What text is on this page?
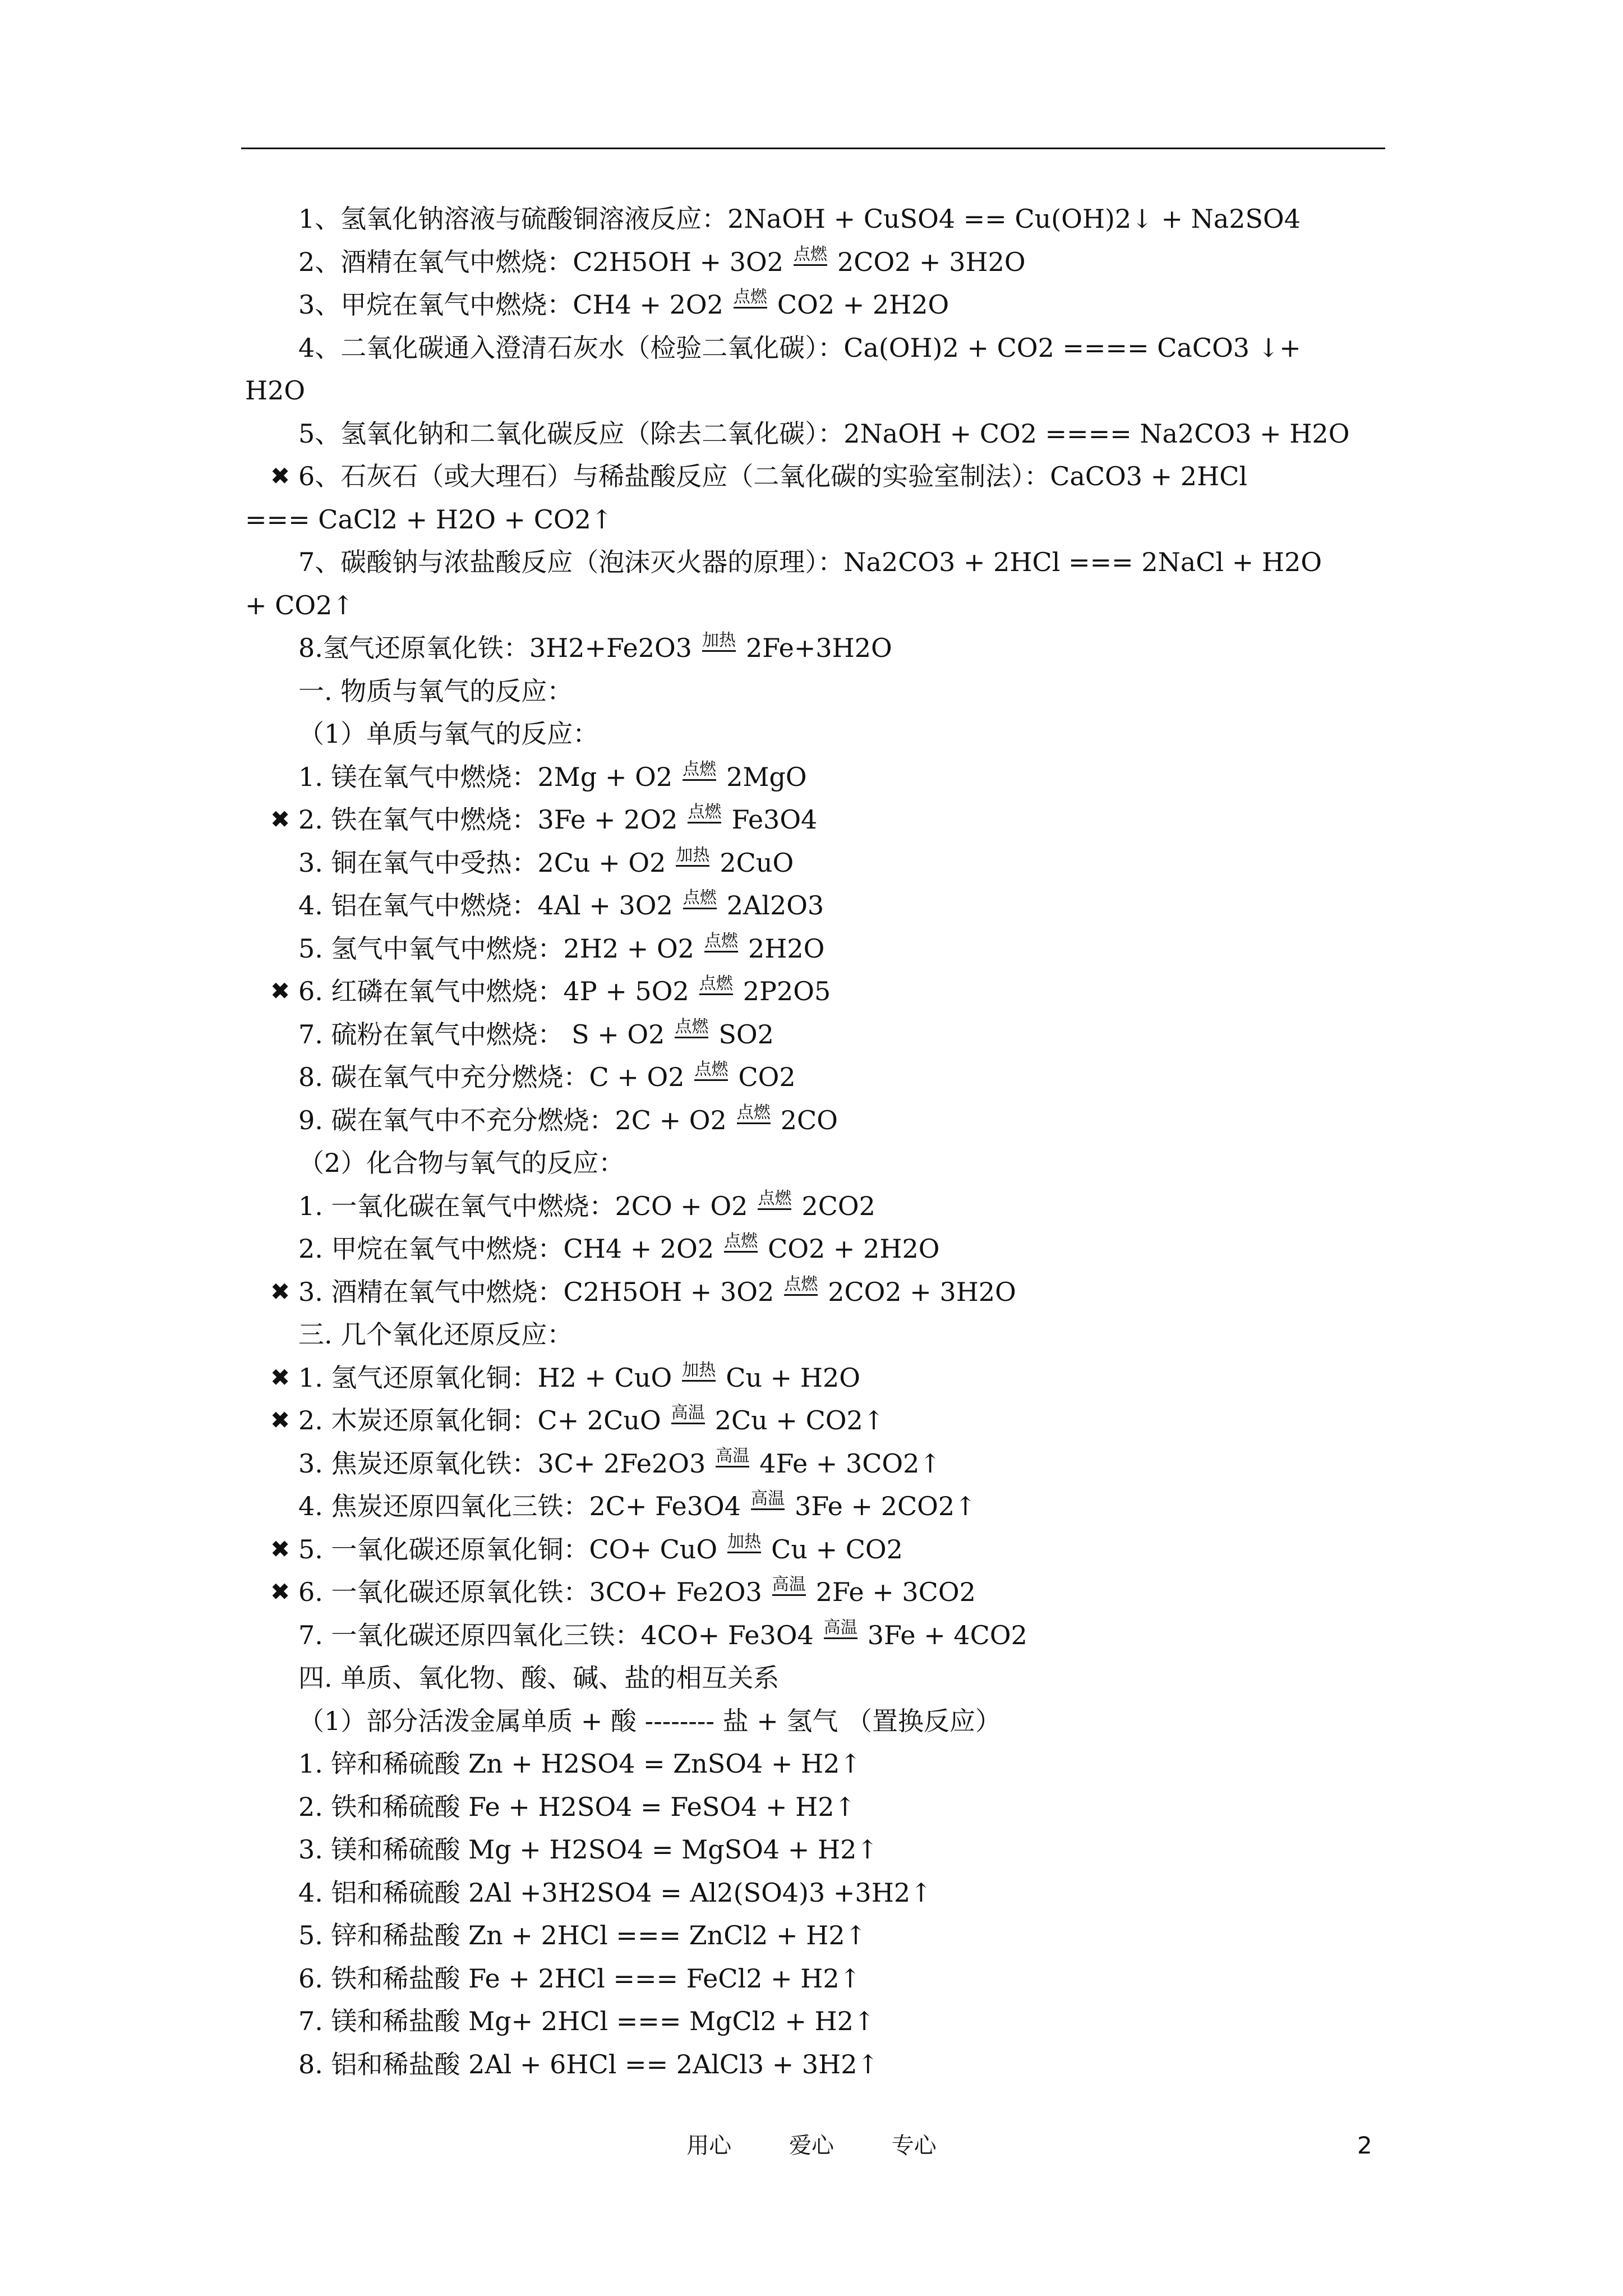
1、氢氧化钠溶液与硫酸铜溶液反应：2NaOH + CuSO4 == Cu(OH)2↓ + Na2SO4
2、酒精在氧气中燃烧：C2H5OH + 3O2 点燃 2CO2 + 3H2O
3、甲烷在氧气中燃烧：CH4 + 2O2 点燃 CO2 + 2H2O
4、二氧化碳通入澄清石灰水（检验二氧化碳）：Ca(OH)2 + CO2 ==== CaCO3 ↓+
H2O
5、氢氧化钠和二氧化碳反应（除去二氧化碳）：2NaOH + CO2 ==== Na2CO3 + H2O
✖ 6、石灰石（或大理石）与稀盐酸反应（二氧化碳的实验室制法）：CaCO3 + 2HCl
=== CaCl2 + H2O + CO2↑
7、碳酸钠与浓盐酸反应（泡沫灭火器的原理）：Na2CO3 + 2HCl === 2NaCl + H2O
+ CO2↑
8.氢气还原氧化铁：3H2+Fe2O3 加热 2Fe+3H2O
一. 物质与氧气的反应：
（1）单质与氧气的反应：
1. 镁在氧气中燃烧：2Mg + O2 点燃 2MgO
✖ 2. 铁在氧气中燃烧：3Fe + 2O2 点燃 Fe3O4
3. 铜在氧气中受热：2Cu + O2 加热 2CuO
4. 铝在氧气中燃烧：4Al + 3O2 点燃 2Al2O3
5. 氢气中氧气中燃烧：2H2 + O2 点燃 2H2O
✖ 6. 红磷在氧气中燃烧：4P + 5O2 点燃 2P2O5
7. 硫粉在氧气中燃烧： S + O2 点燃 SO2
8. 碳在氧气中充分燃烧：C + O2 点燃 CO2
9. 碳在氧气中不充分燃烧：2C + O2 点燃 2CO
（2）化合物与氧气的反应：
1. 一氧化碳在氧气中燃烧：2CO + O2 点燃 2CO2
2. 甲烷在氧气中燃烧：CH4 + 2O2 点燃 CO2 + 2H2O
✖ 3. 酒精在氧气中燃烧：C2H5OH + 3O2 点燃 2CO2 + 3H2O
三. 几个氧化还原反应：
✖ 1. 氢气还原氧化铜：H2 + CuO 加热 Cu + H2O
✖ 2. 木炭还原氧化铜：C+ 2CuO 高温 2Cu + CO2↑
3. 焦炭还原氧化铁：3C+ 2Fe2O3 高温 4Fe + 3CO2↑
4. 焦炭还原四氧化三铁：2C+ Fe3O4 高温 3Fe + 2CO2↑
✖ 5. 一氧化碳还原氧化铜：CO+ CuO 加热 Cu + CO2
✖ 6. 一氧化碳还原氧化铁：3CO+ Fe2O3 高温 2Fe + 3CO2
7. 一氧化碳还原四氧化三铁：4CO+ Fe3O4 高温 3Fe + 4CO2
四. 单质、氧化物、酸、碱、盐的相互关系
（1）部分活泼金属单质 + 酸 -------- 盐 + 氢气 （置换反应）
1. 锌和稀硫酸 Zn + H2SO4 = ZnSO4 + H2↑
2. 铁和稀硫酸 Fe + H2SO4 = FeSO4 + H2↑
3. 镁和稀硫酸 Mg + H2SO4 = MgSO4 + H2↑
4. 铝和稀硫酸 2Al +3H2SO4 = Al2(SO4)3 +3H2↑
5. 锌和稀盐酸 Zn + 2HCl === ZnCl2 + H2↑
6. 铁和稀盐酸 Fe + 2HCl === FeCl2 + H2↑
7. 镁和稀盐酸 Mg+ 2HCl === MgCl2 + H2↑
8. 铝和稀盐酸 2Al + 6HCl == 2AlCl3 + 3H2↑
用心	爱心	专心	2
